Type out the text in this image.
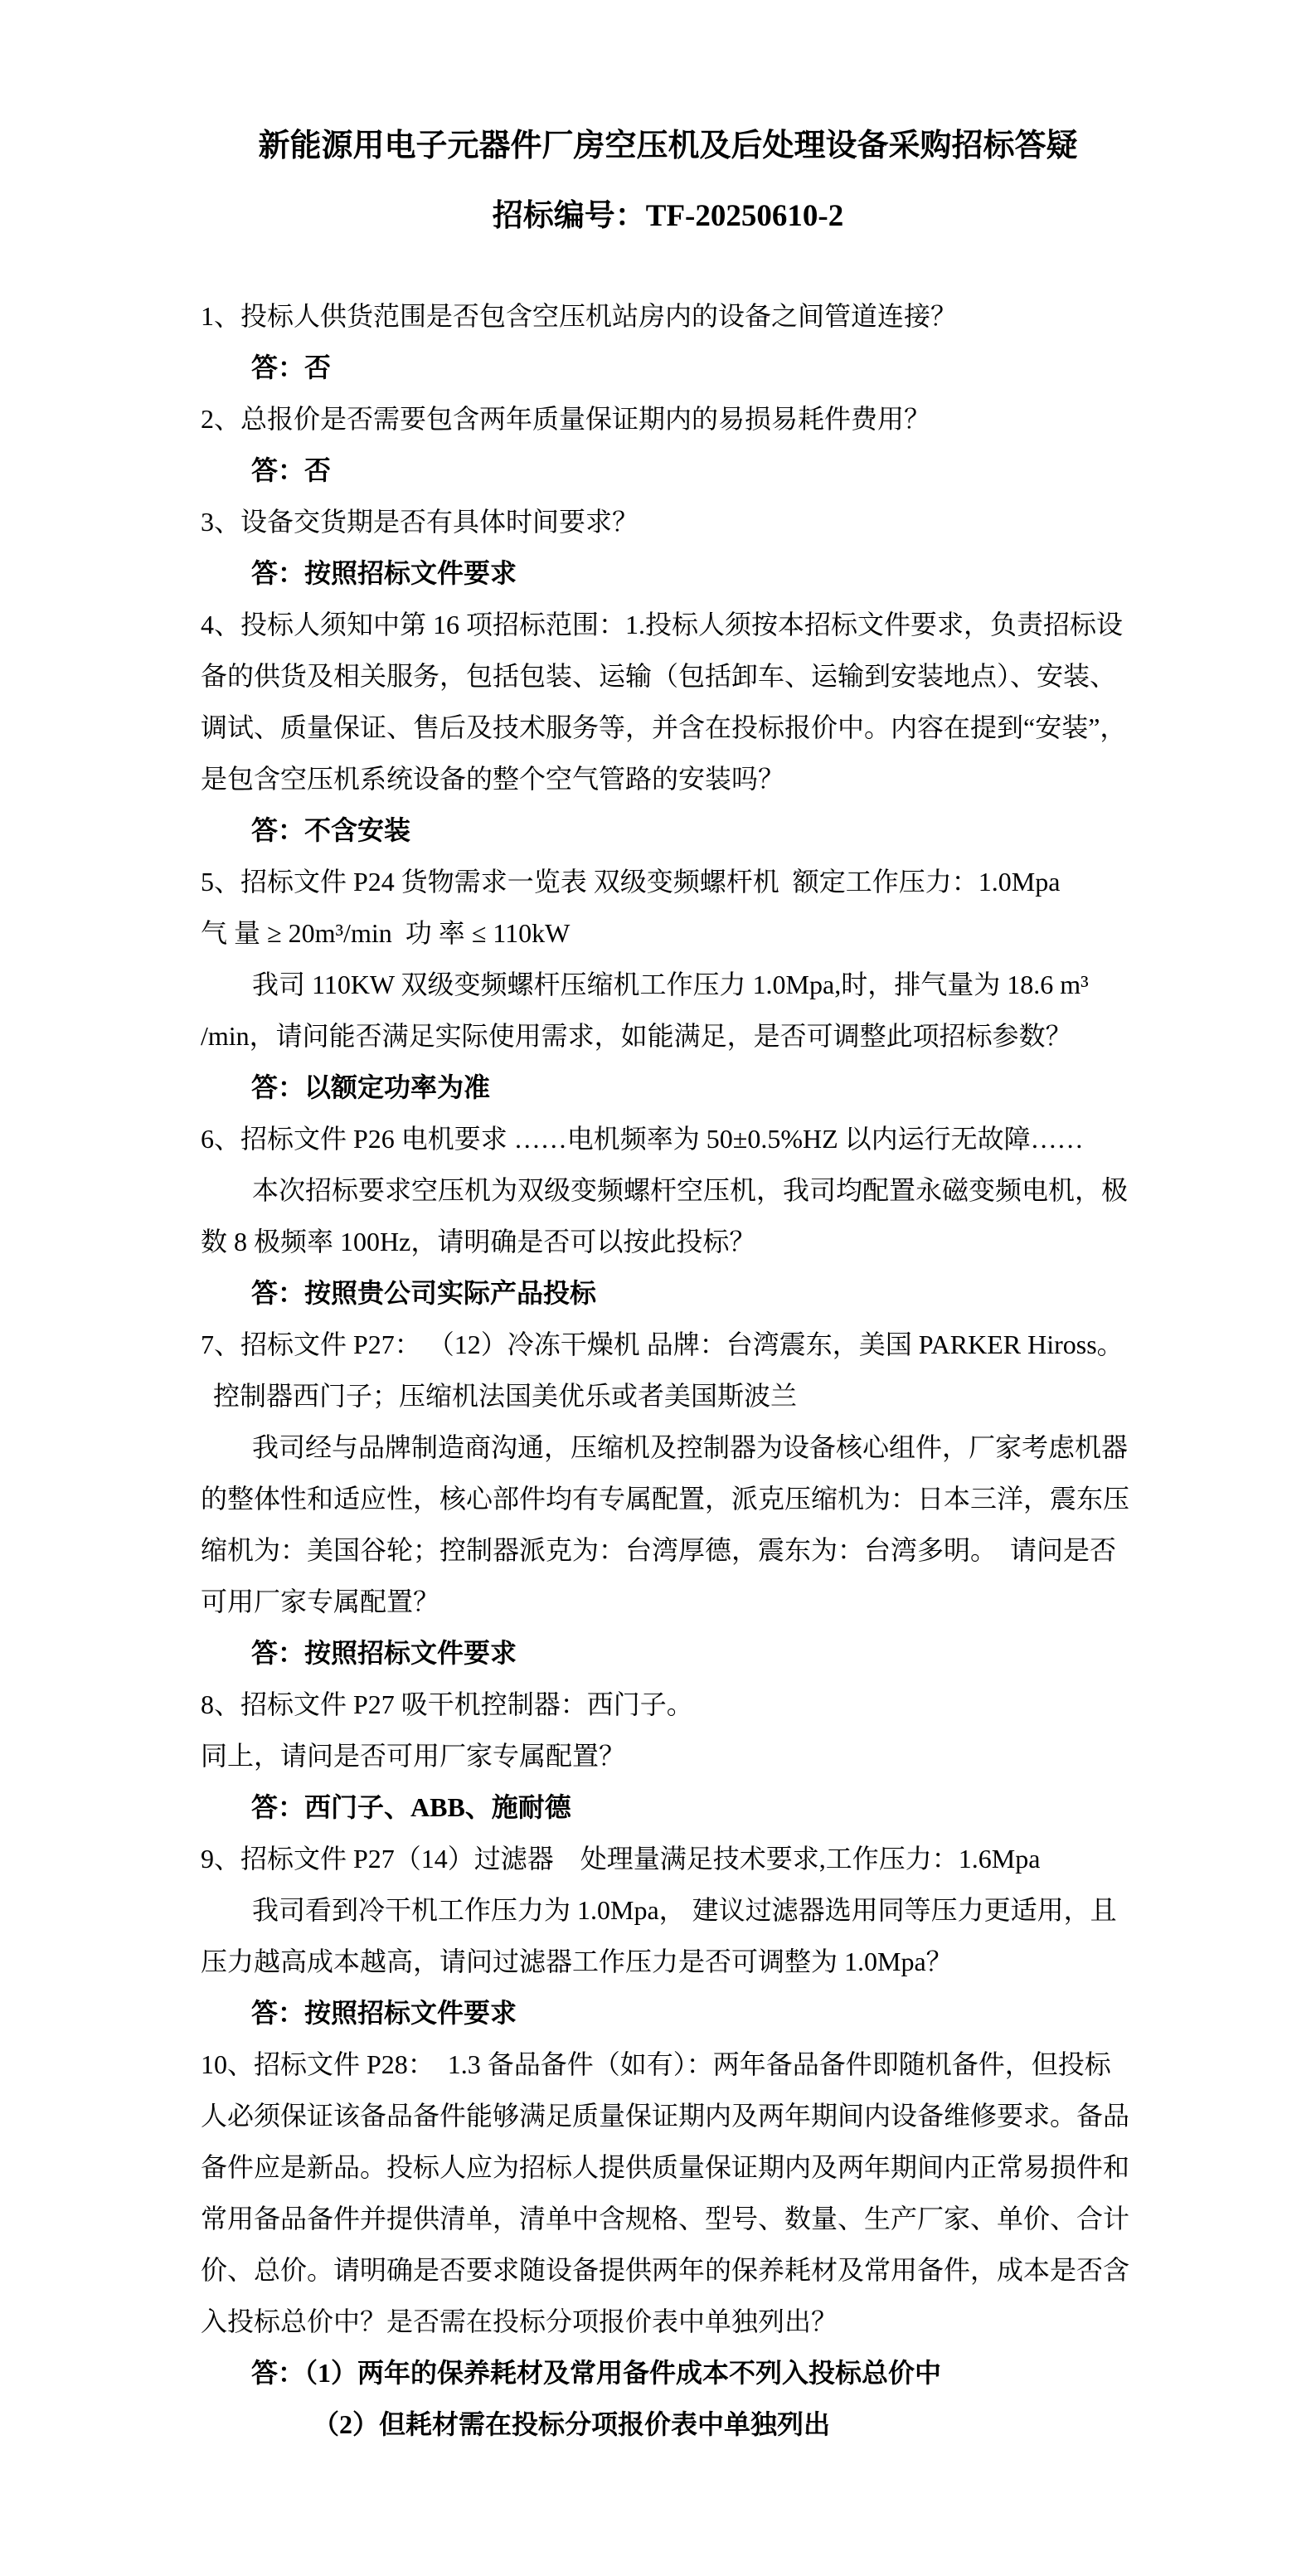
新能源用电子元器件厂房空压机及后处理设备采购招标答疑
招标编号：TF-20250610-2
1、投标人供货范围是否包含空压机站房内的设备之间管道连接？
答：否
2、总报价是否需要包含两年质量保证期内的易损易耗件费用？
答：否
3、设备交货期是否有具体时间要求？
答：按照招标文件要求
4、投标人须知中第 16 项招标范围：1.投标人须按本招标文件要求，负责招标设
备的供货及相关服务，包括包装、运输（包括卸车、运输到安装地点）、安装、
调试、质量保证、售后及技术服务等，并含在投标报价中。内容在提到“安装”，
是包含空压机系统设备的整个空气管路的安装吗？
答：不含安装
5、招标文件 P24 货物需求一览表 双级变频螺杆机  额定工作压力：1.0Mpa
气 量 ≥ 20m³/min  功 率 ≤ 110kW
我司 110KW 双级变频螺杆压缩机工作压力 1.0Mpa,时，排气量为 18.6 m³
/min，请问能否满足实际使用需求，如能满足，是否可调整此项招标参数？
答：以额定功率为准
6、招标文件 P26 电机要求 ……电机频率为 50±0.5%HZ 以内运行无故障……
本次招标要求空压机为双级变频螺杆空压机，我司均配置永磁变频电机，极
数 8 极频率 100Hz，请明确是否可以按此投标？
答：按照贵公司实际产品投标
7、招标文件 P27： （12）冷冻干燥机 品牌：台湾震东，美国 PARKER Hiross。
控制器西门子；压缩机法国美优乐或者美国斯波兰
我司经与品牌制造商沟通，压缩机及控制器为设备核心组件，厂家考虑机器
的整体性和适应性，核心部件均有专属配置，派克压缩机为：日本三洋，震东压
缩机为：美国谷轮；控制器派克为：台湾厚德，震东为：台湾多明。  请问是否
可用厂家专属配置？
答：按照招标文件要求
8、招标文件 P27 吸干机控制器：西门子。
同上，请问是否可用厂家专属配置？
答：西门子、ABB、施耐德
9、招标文件 P27（14）过滤器    处理量满足技术要求,工作压力：1.6Mpa
我司看到冷干机工作压力为 1.0Mpa， 建议过滤器选用同等压力更适用，且
压力越高成本越高，请问过滤器工作压力是否可调整为 1.0Mpa？
答：按照招标文件要求
10、招标文件 P28：  1.3 备品备件（如有）：两年备品备件即随机备件，但投标
人必须保证该备品备件能够满足质量保证期内及两年期间内设备维修要求。备品
备件应是新品。投标人应为招标人提供质量保证期内及两年期间内正常易损件和
常用备品备件并提供清单，清单中含规格、型号、数量、生产厂家、单价、合计
价、总价。请明确是否要求随设备提供两年的保养耗材及常用备件，成本是否含
入投标总价中？是否需在投标分项报价表中单独列出？
答：（1）两年的保养耗材及常用备件成本不列入投标总价中
（2）但耗材需在投标分项报价表中单独列出
